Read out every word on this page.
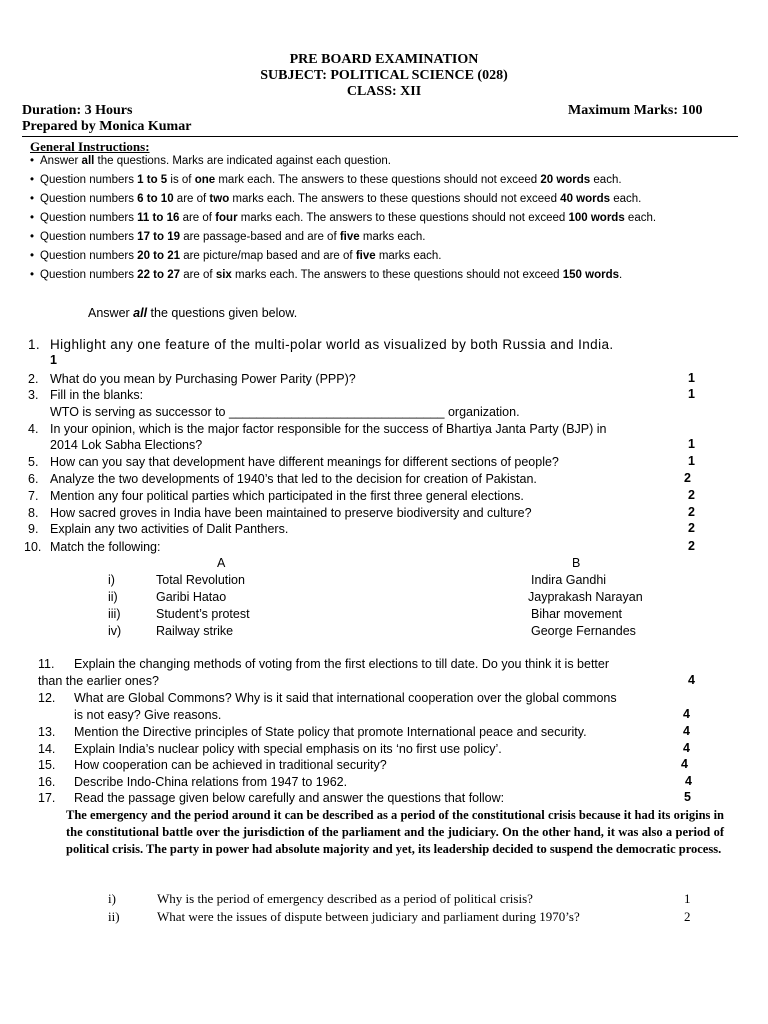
PRE BOARD EXAMINATION
SUBJECT: POLITICAL SCIENCE (028)
CLASS: XII
Duration: 3 Hours	Maximum Marks: 100
Prepared by Monica Kumar
General Instructions:
• Answer all the questions. Marks are indicated against each question.
• Question numbers 1 to 5 is of one mark each. The answers to these questions should not exceed 20 words each.
• Question numbers 6 to 10 are of two marks each. The answers to these questions should not exceed 40 words each.
• Question numbers 11 to 16 are of four marks each. The answers to these questions should not exceed 100 words each.
• Question numbers 17 to 19 are passage-based and are of five marks each.
• Question numbers 20 to 21 are picture/map based and are of five marks each.
• Question numbers 22 to 27 are of six marks each. The answers to these questions should not exceed 150 words.
Answer all the questions given below.
1. Highlight any one feature of the multi-polar world as visualized by both Russia and India.
1
2. What do you mean by Purchasing Power Parity (PPP)?	1
3. Fill in the blanks:	1
WTO is serving as successor to _______________________________ organization.
4. In your opinion, which is the major factor responsible for the success of Bhartiya Janta Party (BJP) in
2014 Lok Sabha Elections?	1
5. How can you say that development have different meanings for different sections of people?	1
6. Analyze the two developments of 1940’s that led to the decision for creation of Pakistan.	2
7. Mention any four political parties which participated in the first three general elections.	2
8. How sacred groves in India have been maintained to preserve biodiversity and culture?	2
9. Explain any two activities of Dalit Panthers.	2
10. Match the following:	2
A	B
i)	Total Revolution	Indira Gandhi
ii)	Garibi Hatao	Jayprakash Narayan
iii)	Student’s protest	Bihar movement
iv)	Railway strike	George Fernandes
11. Explain the changing methods of voting from the first elections to till date. Do you think it is better
than the earlier ones?	4
12. What are Global Commons? Why is it said that international cooperation over the global commons
is not easy? Give reasons.	4
13. Mention the Directive principles of State policy that promote International peace and security.	4
14. Explain India’s nuclear policy with special emphasis on its ‘no first use policy’.	4
15. How cooperation can be achieved in traditional security?	4
16. Describe Indo-China relations from 1947 to 1962.	4
17. Read the passage given below carefully and answer the questions that follow:	5
The emergency and the period around it can be described as a period of the constitutional crisis because it had its origins in the constitutional battle over the jurisdiction of the parliament and the judiciary. On the other hand, it was also a period of political crisis. The party in power had absolute majority and yet, its leadership decided to suspend the democratic process.
i)	Why is the period of emergency described as a period of political crisis?	1
ii)	What were the issues of dispute between judiciary and parliament during 1970’s?	2
